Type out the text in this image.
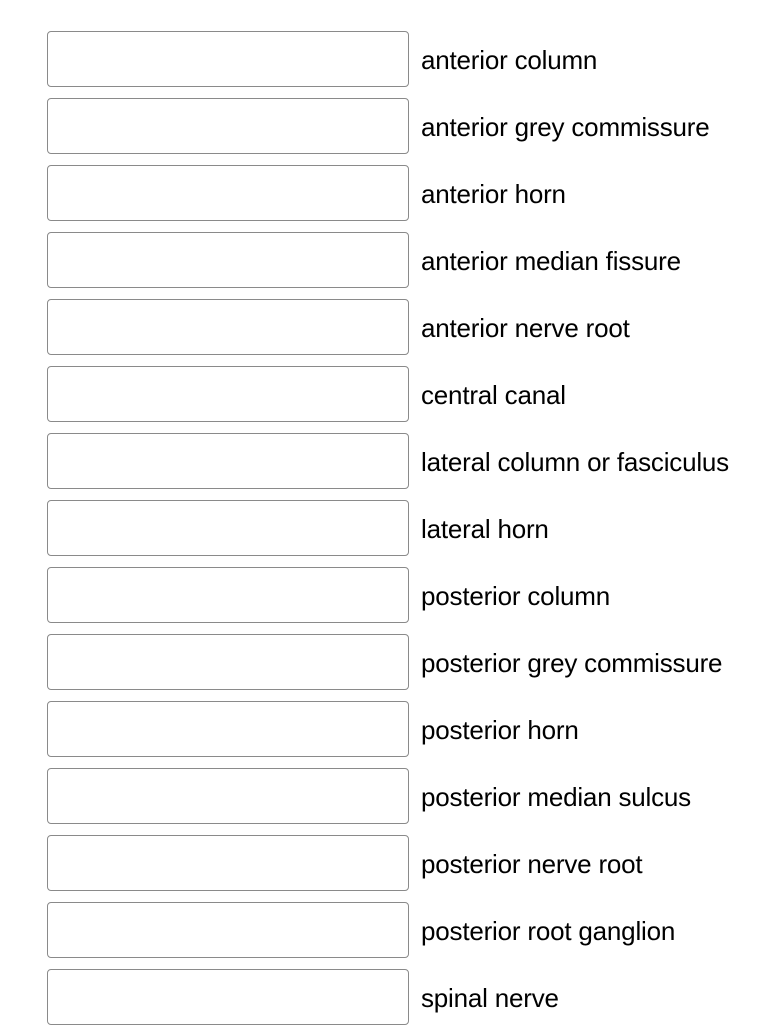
anterior column
anterior grey commissure
anterior horn
anterior median fissure
anterior nerve root
central canal
lateral column or fasciculus
lateral horn
posterior column
posterior grey commissure
posterior horn
posterior median sulcus
posterior nerve root
posterior root ganglion
spinal nerve
